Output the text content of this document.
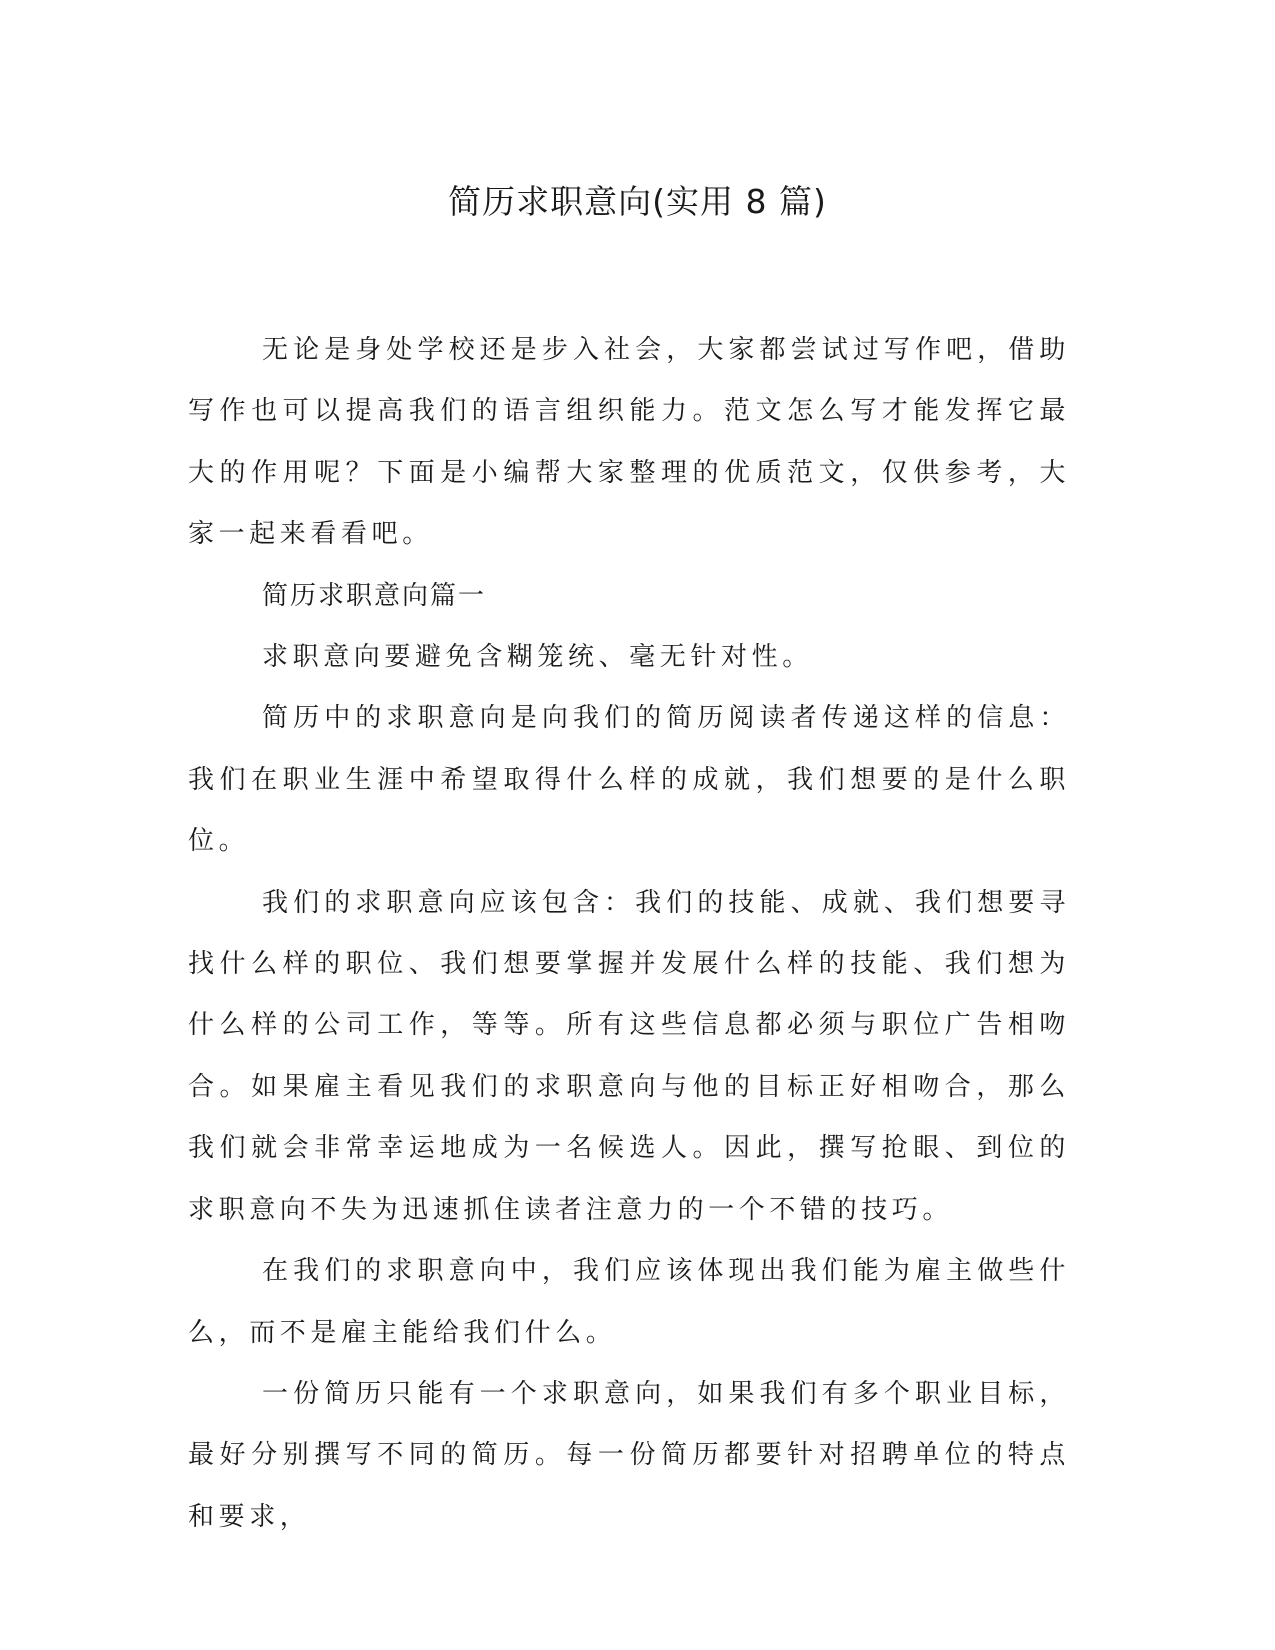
简历求职意向(实用 8 篇)

无论是身处学校还是步入社会，大家都尝试过写作吧，借助写作也可以提高我们的语言组织能力。范文怎么写才能发挥它最大的作用呢？下面是小编帮大家整理的优质范文，仅供参考，大家一起来看看吧。

简历求职意向篇一

求职意向要避免含糊笼统、毫无针对性。

简历中的求职意向是向我们的简历阅读者传递这样的信息：我们在职业生涯中希望取得什么样的成就，我们想要的是什么职位。

我们的求职意向应该包含：我们的技能、成就、我们想要寻找什么样的职位、我们想要掌握并发展什么样的技能、我们想为什么样的公司工作，等等。所有这些信息都必须与职位广告相吻合。如果雇主看见我们的求职意向与他的目标正好相吻合，那么我们就会非常幸运地成为一名候选人。因此，撰写抢眼、到位的求职意向不失为迅速抓住读者注意力的一个不错的技巧。

在我们的求职意向中，我们应该体现出我们能为雇主做些什么，而不是雇主能给我们什么。

一份简历只能有一个求职意向，如果我们有多个职业目标，最好分别撰写不同的简历。每一份简历都要针对招聘单位的特点和要求，
